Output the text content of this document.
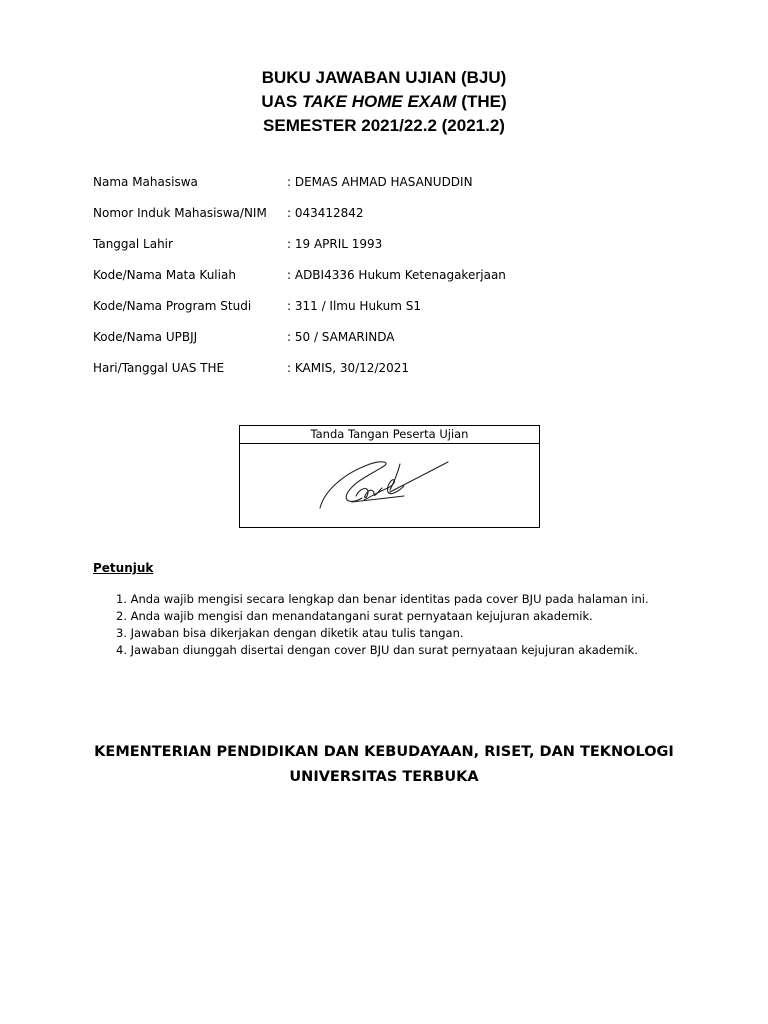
BUKU JAWABAN UJIAN (BJU)
UAS TAKE HOME EXAM (THE)
SEMESTER 2021/22.2 (2021.2)
Nama Mahasiswa	: DEMAS AHMAD HASANUDDIN
Nomor Induk Mahasiswa/NIM : 043412842
Tanggal Lahir	: 19 APRIL 1993
Kode/Nama Mata Kuliah	: ADBI4336 Hukum Ketenagakerjaan
Kode/Nama Program Studi	: 311 / Ilmu Hukum S1
Kode/Nama UPBJJ	: 50 / SAMARINDA
Hari/Tanggal UAS THE	: KAMIS, 30/12/2021
Tanda Tangan Peserta Ujian
Petunjuk
1. Anda wajib mengisi secara lengkap dan benar identitas pada cover BJU pada halaman ini.
2. Anda wajib mengisi dan menandatangani surat pernyataan kejujuran akademik.
3. Jawaban bisa dikerjakan dengan diketik atau tulis tangan.
4. Jawaban diunggah disertai dengan cover BJU dan surat pernyataan kejujuran akademik.
KEMENTERIAN PENDIDIKAN DAN KEBUDAYAAN, RISET, DAN TEKNOLOGI
UNIVERSITAS TERBUKA
